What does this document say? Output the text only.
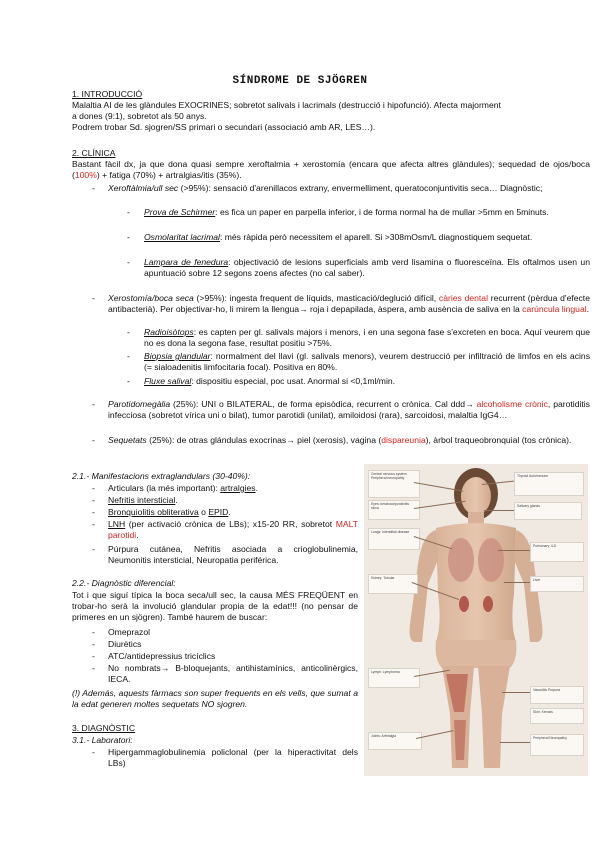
SÍNDROME DE SJÖGREN
1. INTRODUCCIÓ
Malaltia AI de les glàndules EXOCRINES; sobretot salivals i lacrimals (destrucció i hipofunció). Afecta majorment
a dones (9:1), sobretot als 50 anys.
Podrem trobar Sd. sjogren/SS primari o secundari (associació amb AR, LES…).
2. CLÍNICA
Bastant fàcil dx, ja que dona quasi sempre xeroftalmia + xerostomía (encara que afecta altres glàndules); sequedad de ojos/boca (100%) + fatiga (70%) + artralgias/itis (35%).
- Xeroftàlmia/ull sec (>95%): sensació d'arenillacos extrany, envermelliment, queratoconjuntivitis seca… Diagnòstic;
- Prova de Schirmer: es fica un paper en parpella inferior, i de forma normal ha de mullar >5mm en 5minuts.
- Osmolaritat lacrimal: més ràpida però necessitem el aparell. Si >308mOsm/L diagnostiquem sequetat.
- Lampara de fenedura: objectivació de lesions superficials amb verd lisamina o fluoresceïna. Els oftalmos usen un apuntuació sobre 12 segons zoens afectes (no cal saber).
- Xerostomía/boca seca (>95%): ingesta frequent de líquids, masticació/deglució difícil, càries dental recurrent (pèrdua d'efecte antibacterià). Per objectivar-ho, li mirem la llengua→ roja i depapilada, àspera, amb ausència de saliva en la carúncula lingual.
- Radioisòtops: es capten per gl. salivals majors i menors, i en una segona fase s'excreten en boca. Aquí veurem que no es dona la segona fase, resultat positiu >75%.
- Biopsia glandular: normalment del llavi (gl. salivals menors), veurem destrucció per infiltració de limfos en els acins (= sialoadenitis limfocitaria focal). Positiva en 80%.
- Fluxe salival: dispositiu especial, poc usat. Anormal si <0,1ml/min.
- Parotidomegàlia (25%): UNI o BILATERAL, de forma episòdica, recurrent o crònica. Cal ddd→ alcoholisme crònic, parotiditis infecciosa (sobretot vírica uni o bilat), tumor parotidi (unilat), amiloidosi (rara), sarcoidosi, malaltia IgG4…
- Sequetats (25%): de otras glándulas exocrinas→ piel (xerosis), vagina (dispareunia), àrbol traqueobronquial (tos crònica).
2.1.- Manifestacions extraglandulars (30-40%):
- Articulars (la més important): artralgies.
- Nefritis intersticial.
- Bronquiolitis obliterativa o EPID.
- LNH (per activació crònica de LBs); x15-20 RR, sobretot MALT parotidi.
- Púrpura cutánea, Nefritis asociada a crioglobulinemia, Neumonitis intersticial, Neuropatia periférica.
2.2.- Diagnòstic diferencial:
Tot i que siguí típica la boca seca/ull sec, la causa MÉS FREQÜENT en trobar-ho serà la involució glandular propia de la edat!!! (no pensar de primeres en un sjögren). També haurem de buscar:
- Omeprazol
- Diurètics
- ATC/antidepressius tricíclics
- No nombrats→ B-bloquejants, antihistamínics, anticolinèrgics, IECA.
(!) Además, aquests fàrmacs son super frequents en els vells, que sumat a la edat generen moltes sequetats NO sjogren.
3. DIAGNÒSTIC
3.1.- Laboratori:
- Hipergammaglobulinemia policlonal (per la hiperactivitat dels LBs)
Central nervous system Peripheral neuropathy
Eyes: keratoconjunctivitis sicca
Thyroid Autoimmune
Salivary glands
Lungs: Interstitial disease
Pulmonary: ILD
Kidney: Tubular	Liver
Lymph: Lymphoma
Vasculitis Purpura
Joints: Arthralgia
Skin: Xerosis
Peripheral Neuropathy
